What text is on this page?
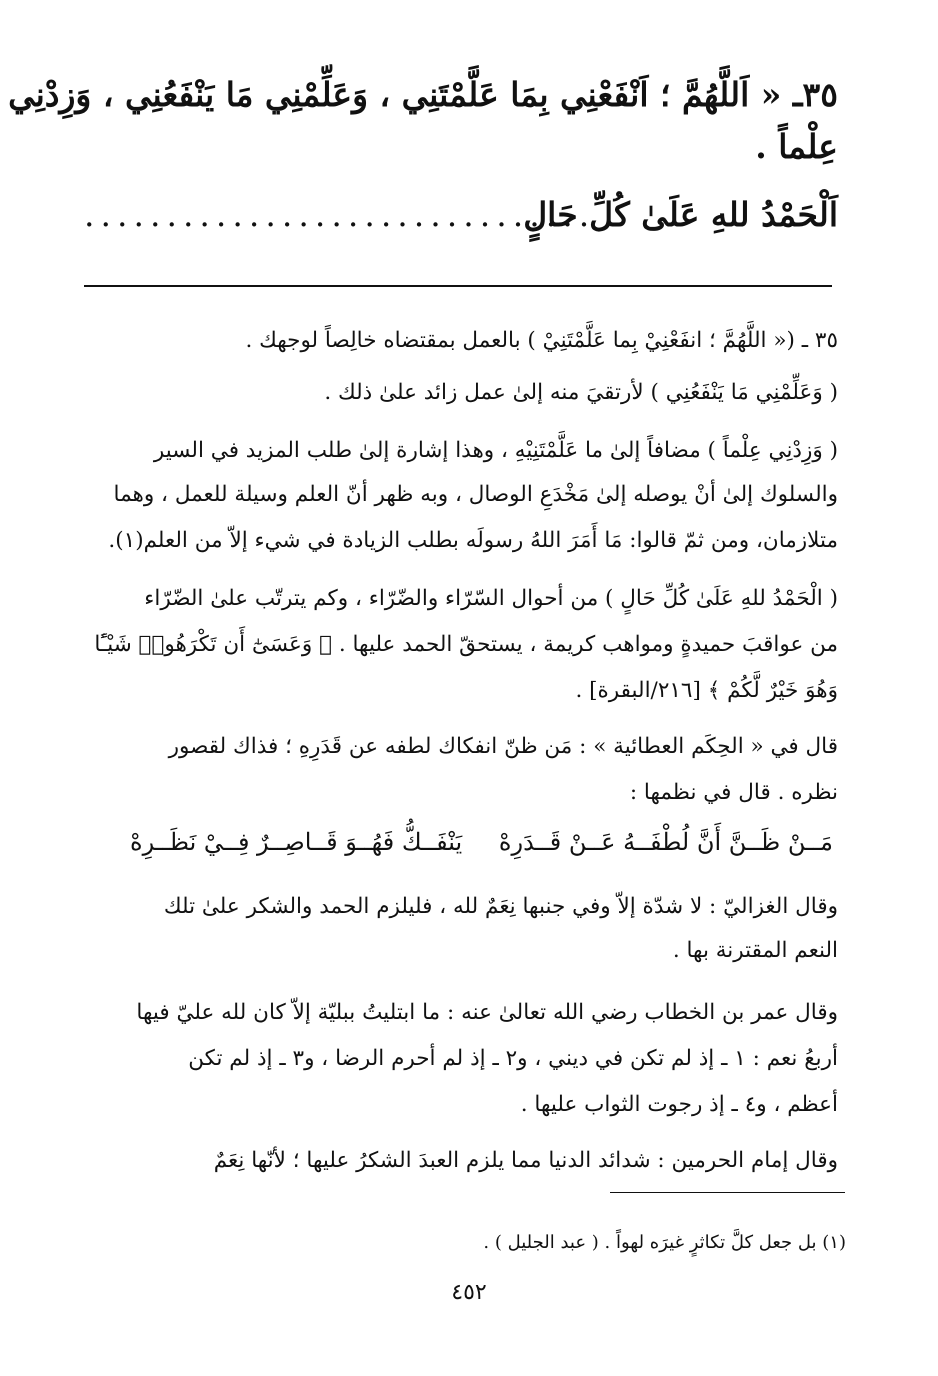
٣٥ـ « اَللَّهُمَّ ؛ اَنْفَعْنِي بِمَا عَلَّمْتَنِي ، وَعَلِّمْنِي مَا يَنْفَعُنِي ، وَزِدْنِي
عِلْماً .
اَلْحَمْدُ للهِ عَلَىٰ كُلِّ حَالٍ
...............................
٣٥ ـ (« اللَّهُمَّ ؛ انفَعْنِيْ بِما عَلَّمْتَنِيْ ) بالعمل بمقتضاه خالِصاً لوجهك .
( وَعَلِّمْنِي مَا يَنْفَعُنِي ) لأرتقيَ منه إلىٰ عمل زائد علىٰ ذلك .
( وَزِدْنِي عِلْماً ) مضافاً إلىٰ ما عَلَّمْتَنِيْهِ ، وهذا إشارة إلىٰ طلب المزيد في السير
والسلوك إلىٰ أنْ يوصله إلىٰ مَخْدَعِ الوصال ، وبه ظهر أنّ العلم وسيلة للعمل ، وهما
متلازمان، ومن ثمّ قالوا: مَا أَمَرَ اللهُ رسولَه بطلب الزيادة في شيء إلاّ من العلم(١).
( الْحَمْدُ للهِ عَلَىٰ كُلِّ حَالٍ ) من أحوال السّرّاء والضّرّاء ، وكم يترتّب علىٰ الضّرّاء
من عواقبَ حميدةٍ ومواهب كريمة ، يستحقّ الحمد عليها . ﴿ وَعَسَىٰٓ أَن تَكْرَهُوا۟ شَيْـًٔا
وَهُوَ خَيْرٌ لَّكُمْ ﴾ [٢١٦/البقرة] .
قال في « الحِكَم العطائية » : مَن ظنّ انفكاك لطفه عن قَدَرِهِ ؛ فذاك لقصور
نظره . قال في نظمها :
مَــنْ ظَــنَّ أَنَّ لُطْفَــهُ عَــنْ قَــدَرِهْ
يَنْفَــكُّ فَهُــوَ قَــاصِــرٌ فِــيْ نَظَــرِهْ
وقال الغزاليّ : لا شدّة إلاّ وفي جنبها نِعَمٌ لله ، فليلزم الحمد والشكر علىٰ تلك
النعم المقترنة بها .
وقال عمر بن الخطاب رضي الله تعالىٰ عنه : ما ابتليتُ ببليّة إلاّ كان لله عليّ فيها
أربعُ نعم : ١ ـ إذ لم تكن في ديني ، و٢ ـ إذ لم أحرم الرضا ، و٣ ـ إذ لم تكن
أعظم ، و٤ ـ إذ رجوت الثواب عليها .
وقال إمام الحرمين : شدائد الدنيا مما يلزم العبدَ الشكرُ عليها ؛ لأنّها نِعَمٌ
(١) بل جعل كلَّ تكاثرٍ غيرَه لهواً . ( عبد الجليل ) .
٤٥٢
